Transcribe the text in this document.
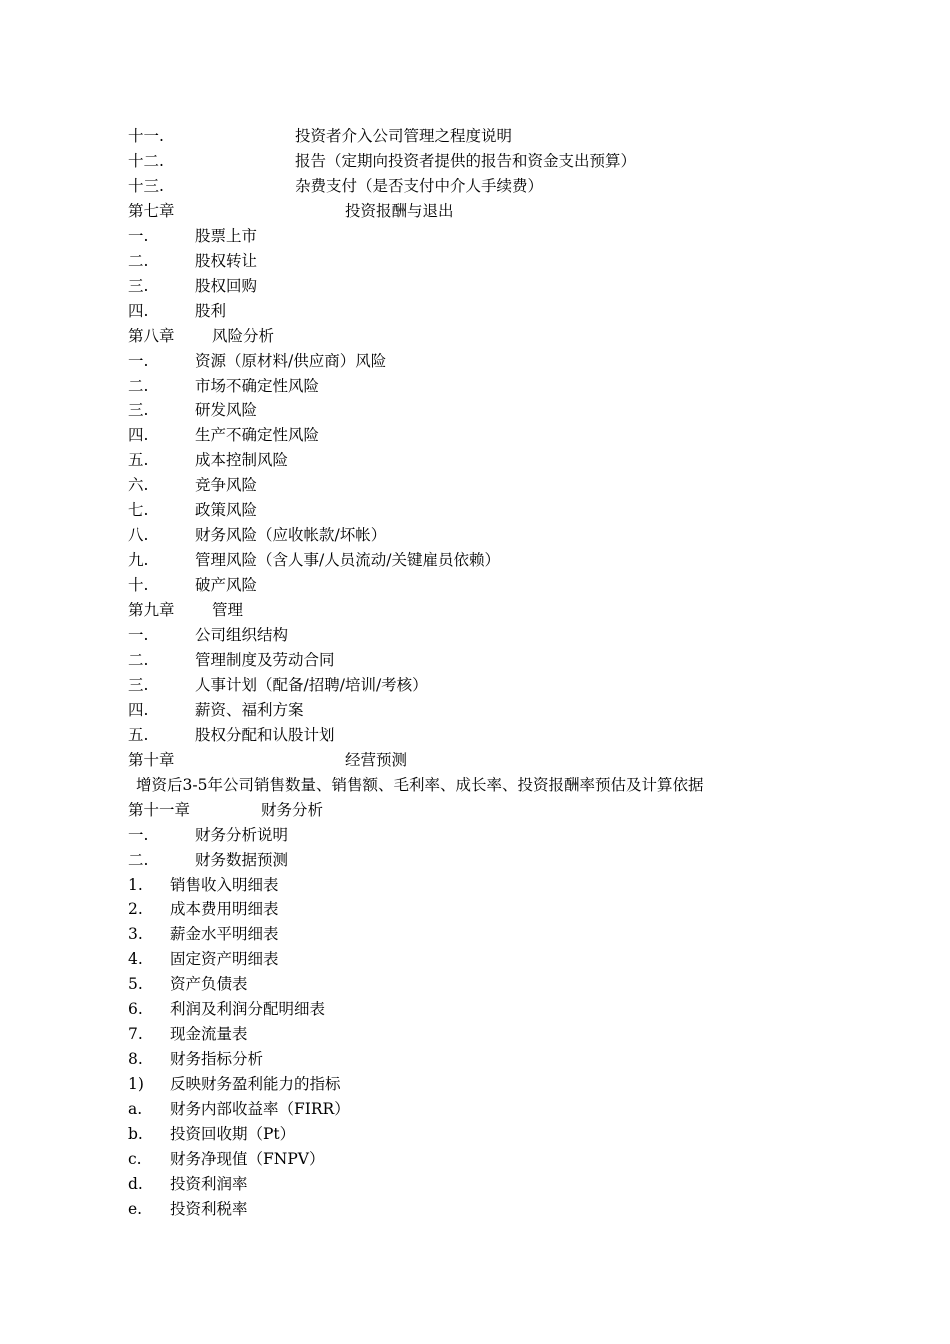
十一.	投资者介入公司管理之程度说明
十二.	报告（定期向投资者提供的报告和资金支出预算）
十三.	杂费支付（是否支付中介人手续费）
第七章	投资报酬与退出
一.	股票上市
二.	股权转让
三.	股权回购
四.	股利
第八章 风险分析
一.	资源（原材料/供应商）风险
二.	市场不确定性风险
三.	研发风险
四.	生产不确定性风险
五.	成本控制风险
六.	竞争风险
七.	政策风险
八.	财务风险（应收帐款/坏帐）
九.	管理风险（含人事/人员流动/关键雇员依赖）
十.	破产风险
第九章 管理
一.	公司组织结构
二.	管理制度及劳动合同
三.	人事计划（配备/招聘/培训/考核）
四.	薪资、福利方案
五.	股权分配和认股计划
第十章	经营预测
增资后3-5年公司销售数量、销售额、毛利率、成长率、投资报酬率预估及计算依据
第十一章	财务分析
一.	财务分析说明
二.	财务数据预测
1. 销售收入明细表
2. 成本费用明细表
3. 薪金水平明细表
4. 固定资产明细表
5. 资产负债表
6. 利润及利润分配明细表
7. 现金流量表
8. 财务指标分析
1) 反映财务盈利能力的指标
a. 财务内部收益率（FIRR）
b. 投资回收期（Pt）
c. 财务净现值（FNPV）
d. 投资利润率
e. 投资利税率
